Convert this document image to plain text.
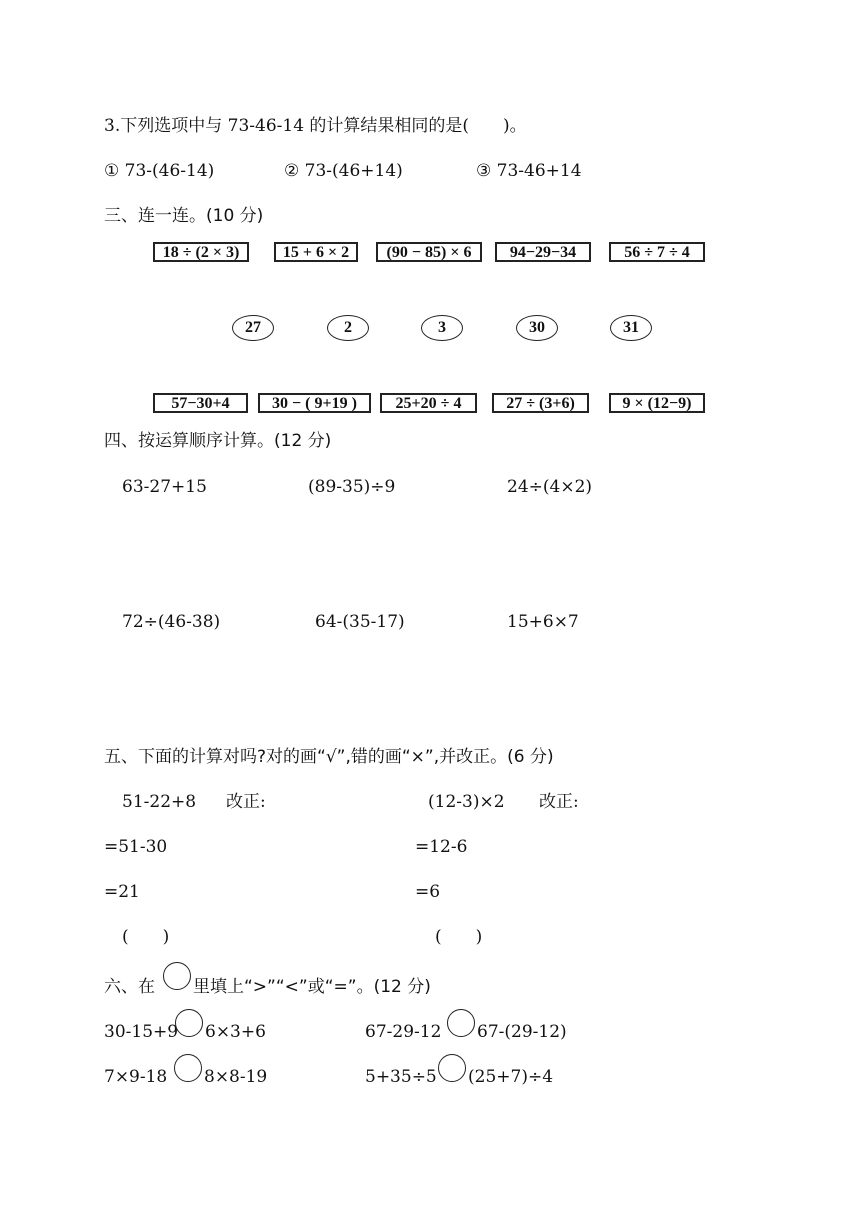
3.下列选项中与 73-46-14 的计算结果相同的是(　　)。
① 73-(46-14)	② 73-(46+14)	③ 73-46+14
三、连一连。(10 分)
18 ÷ (2 × 3)	15 + 6 × 2	(90 − 85) × 6	94−29−34	56 ÷ 7 ÷ 4
27	2	3	30	31
57−30+4	30 − ( 9+19 )	25+20 ÷ 4	27 ÷ (3+6)	9 × (12−9)
四、按运算顺序计算。(12 分)
63-27+15	(89-35)÷9	24÷(4×2)
72÷(46-38)	64-(35-17)	15+6×7
五、下面的计算对吗?对的画“√”,错的画“×”,并改正。(6 分)
51-22+8 改正:
=51-30
=21
(　　)
(12-3)×2 改正:
=12-6
=6
(　　)
六、在 里填上“>”“<”或“=”。(12 分)
30-15+9 6×3+6	67-29-12 67-(29-12)
7×9-18 8×8-19	5+35÷5 (25+7)÷4
